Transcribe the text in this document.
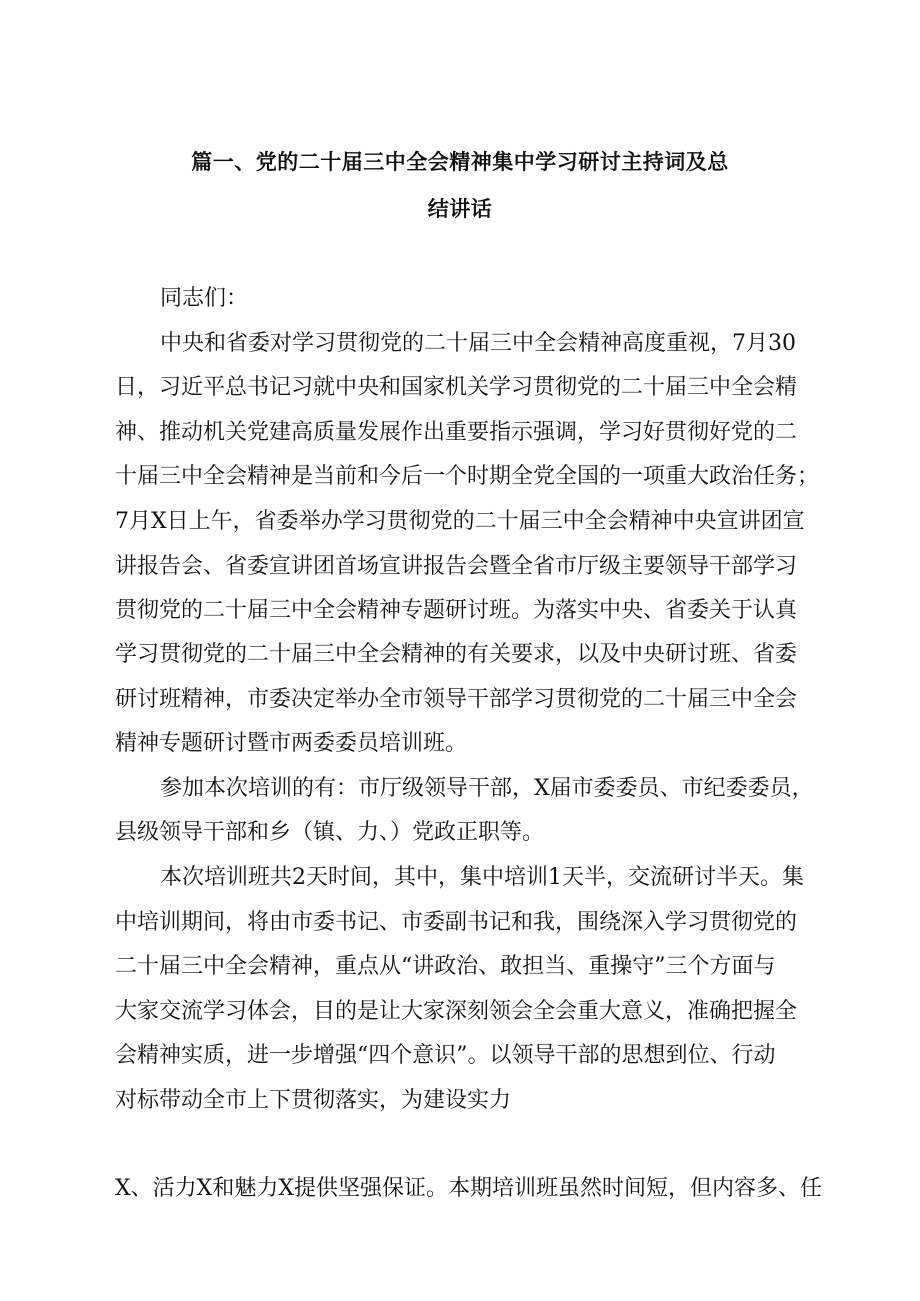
篇一、党的二十届三中全会精神集中学习研讨主持词及总
结讲话
同志们：
中央和省委对学习贯彻党的二十届三中全会精神高度重视，7月30
日，习近平总书记习就中央和国家机关学习贯彻党的二十届三中全会精
神、推动机关党建高质量发展作出重要指示强调，学习好贯彻好党的二
十届三中全会精神是当前和今后一个时期全党全国的一项重大政治任务；
7月X日上午，省委举办学习贯彻党的二十届三中全会精神中央宣讲团宣
讲报告会、省委宣讲团首场宣讲报告会暨全省市厅级主要领导干部学习
贯彻党的二十届三中全会精神专题研讨班。为落实中央、省委关于认真
学习贯彻党的二十届三中全会精神的有关要求，以及中央研讨班、省委
研讨班精神，市委决定举办全市领导干部学习贯彻党的二十届三中全会
精神专题研讨暨市两委委员培训班。
参加本次培训的有：市厅级领导干部，X届市委委员、市纪委委员，
县级领导干部和乡（镇、力、）党政正职等。
本次培训班共2天时间，其中，集中培训1天半，交流研讨半天。集
中培训期间，将由市委书记、市委副书记和我，围绕深入学习贯彻党的
二十届三中全会精神，重点从“讲政治、敢担当、重操守”三个方面与
大家交流学习体会，目的是让大家深刻领会全会重大意义，准确把握全
会精神实质，进一步增强“四个意识”。以领导干部的思想到位、行动
对标带动全市上下贯彻落实，为建设实力
X、活力X和魅力X提供坚强保证。本期培训班虽然时间短，但内容多、任
